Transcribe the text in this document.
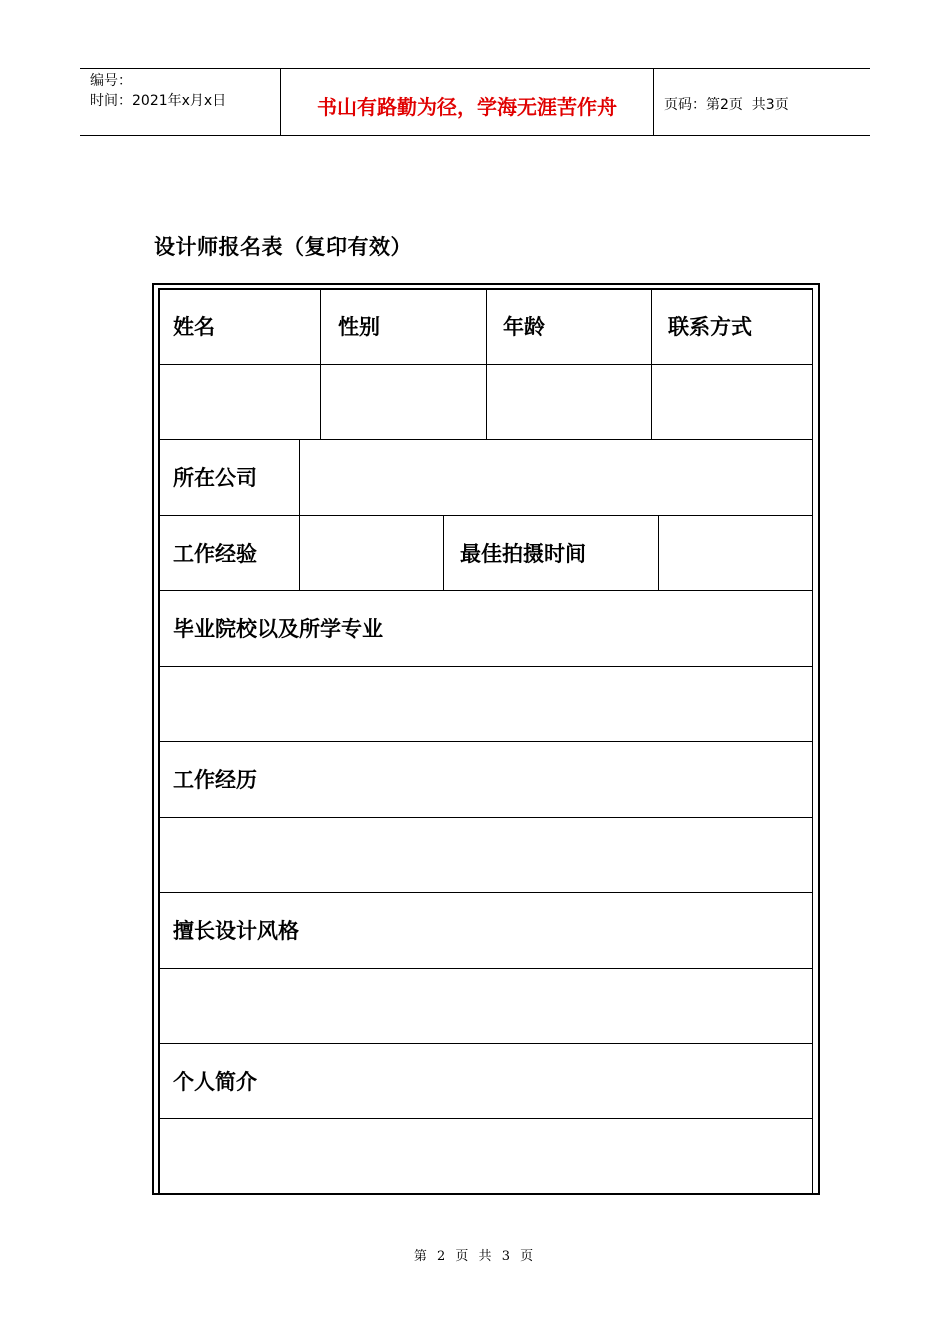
编号：
时间：2021年x月x日	书山有路勤为径，学海无涯苦作舟	页码：第2页  共3页
设计师报名表（复印有效）
姓名	性别	年龄	联系方式
所在公司
工作经验	最佳拍摄时间
毕业院校以及所学专业
工作经历
擅长设计风格
个人简介
第 2 页 共 3 页
